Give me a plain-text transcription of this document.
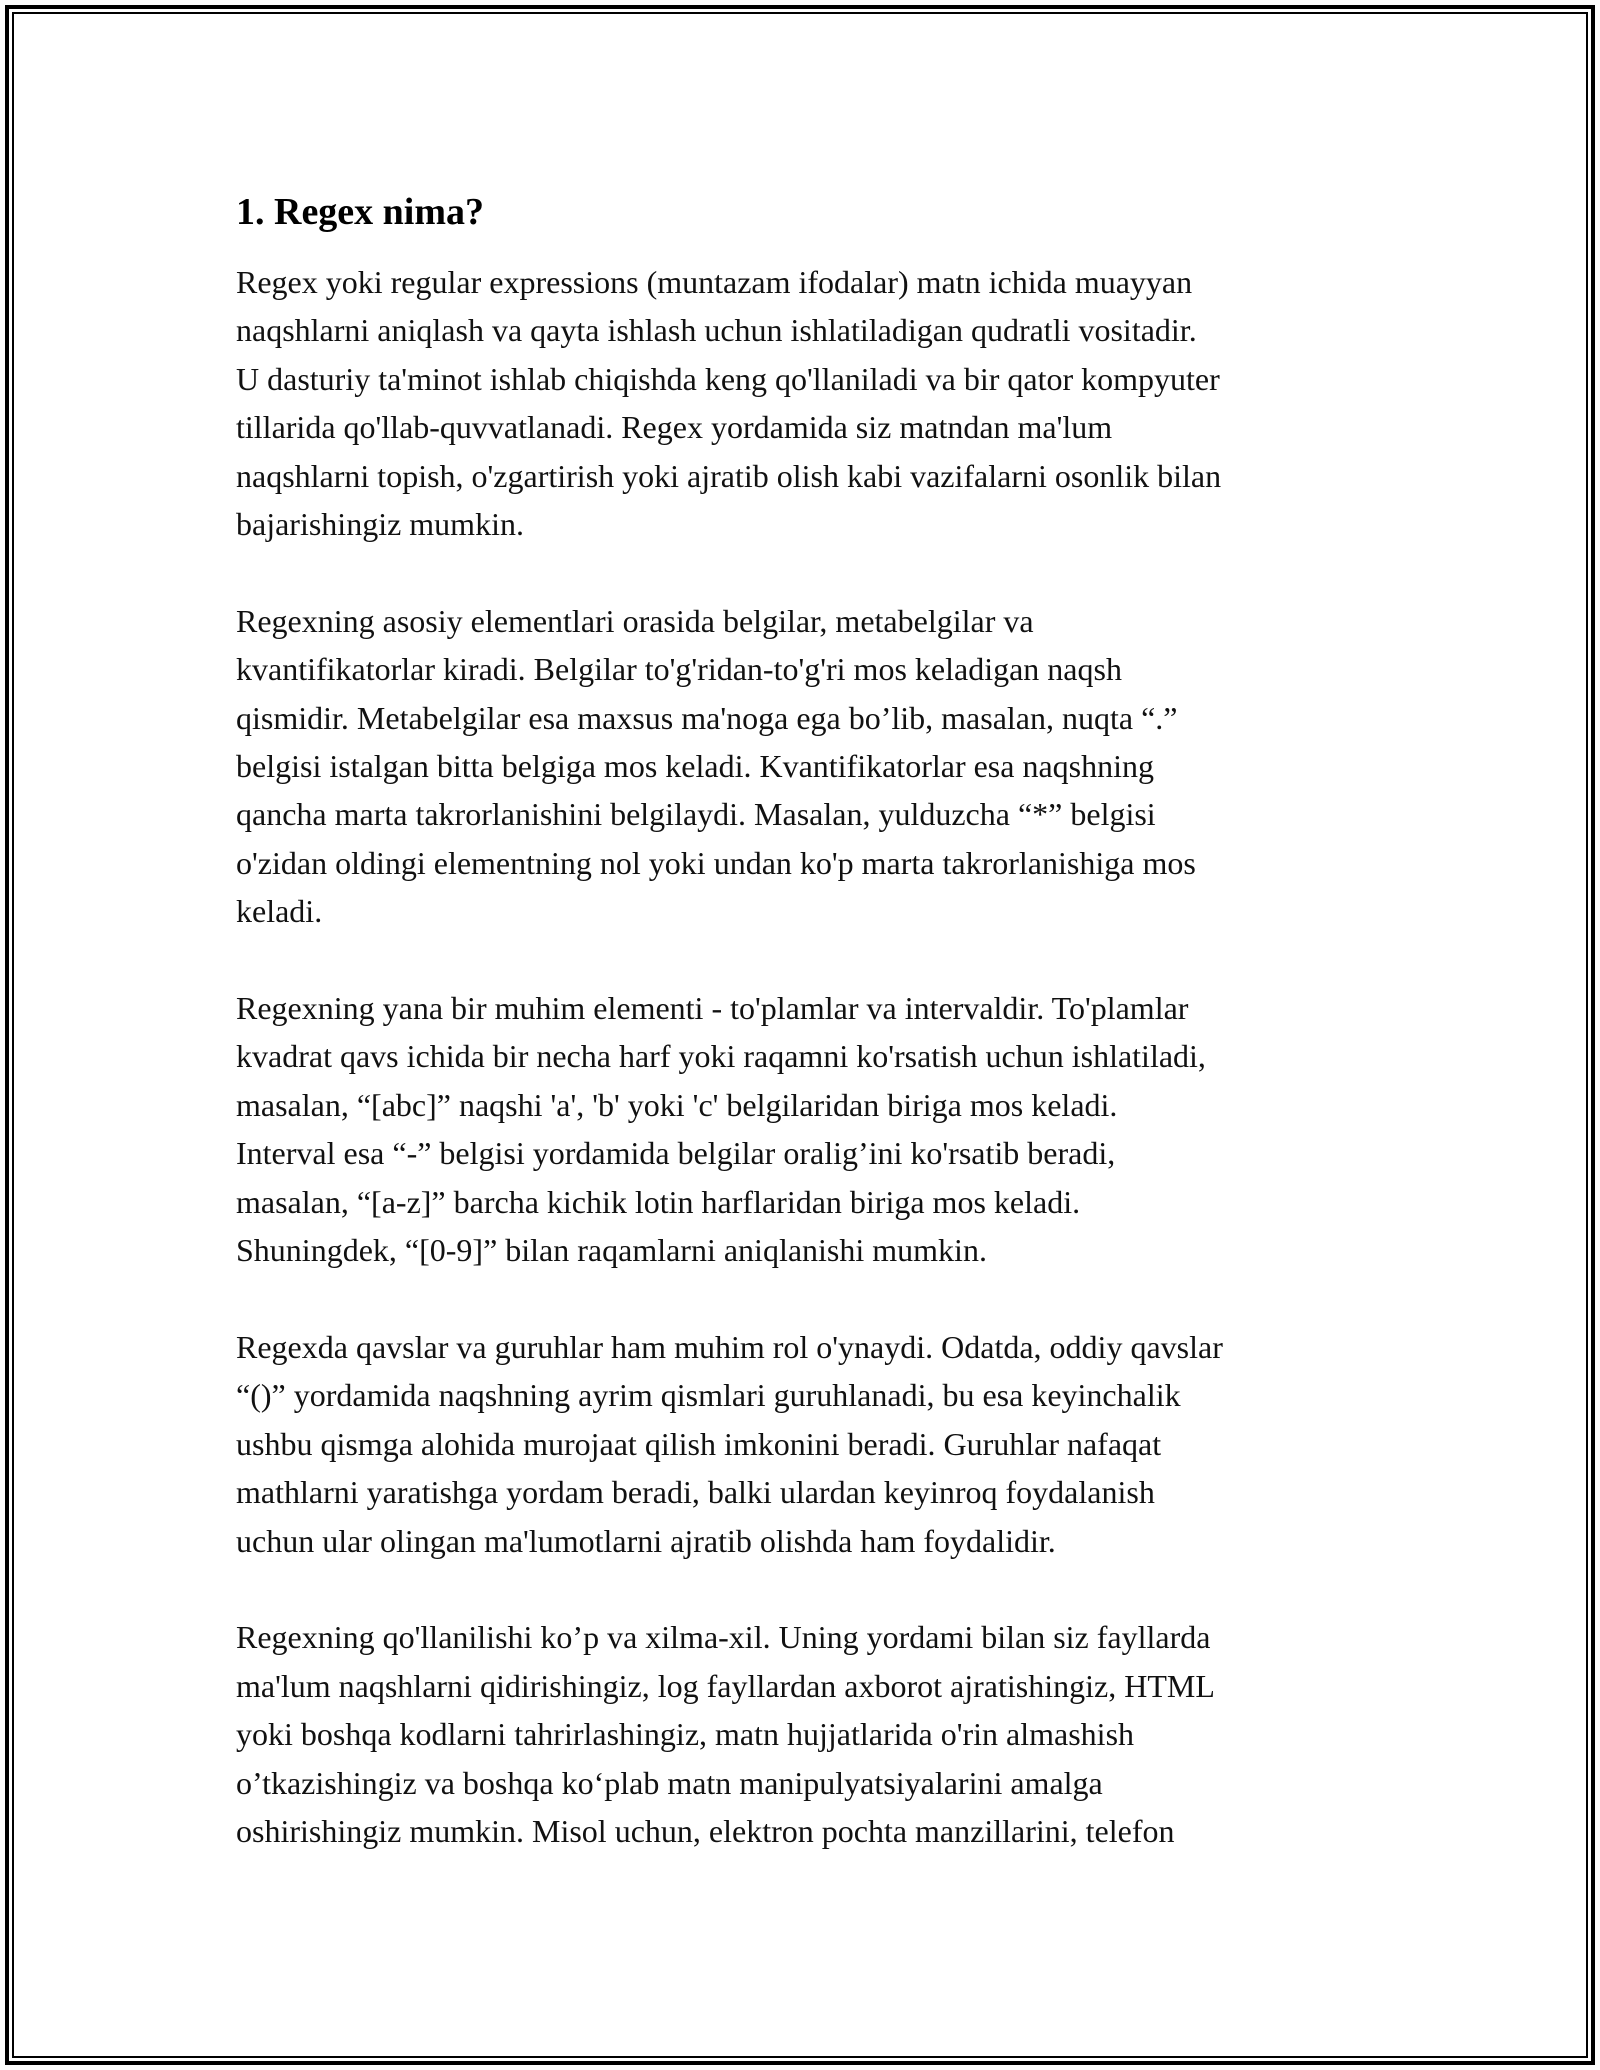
1. Regex nima?
Regex yoki regular expressions (muntazam ifodalar) matn ichida muayyan
naqshlarni aniqlash va qayta ishlash uchun ishlatiladigan qudratli vositadir.
U dasturiy ta'minot ishlab chiqishda keng qo'llaniladi va bir qator kompyuter
tillarida qo'llab-quvvatlanadi. Regex yordamida siz matndan ma'lum
naqshlarni topish, o'zgartirish yoki ajratib olish kabi vazifalarni osonlik bilan
bajarishingiz mumkin.
Regexning asosiy elementlari orasida belgilar, metabelgilar va
kvantifikatorlar kiradi. Belgilar to'g'ridan-to'g'ri mos keladigan naqsh
qismidir. Metabelgilar esa maxsus ma'noga ega bo’lib, masalan, nuqta “.”
belgisi istalgan bitta belgiga mos keladi. Kvantifikatorlar esa naqshning
qancha marta takrorlanishini belgilaydi. Masalan, yulduzcha “*” belgisi
o'zidan oldingi elementning nol yoki undan ko'p marta takrorlanishiga mos
keladi.
Regexning yana bir muhim elementi - to'plamlar va intervaldir. To'plamlar
kvadrat qavs ichida bir necha harf yoki raqamni ko'rsatish uchun ishlatiladi,
masalan, “[abc]” naqshi 'a', 'b' yoki 'c' belgilaridan biriga mos keladi.
Interval esa “-” belgisi yordamida belgilar oralig’ini ko'rsatib beradi,
masalan, “[a-z]” barcha kichik lotin harflaridan biriga mos keladi.
Shuningdek, “[0-9]” bilan raqamlarni aniqlanishi mumkin.
Regexda qavslar va guruhlar ham muhim rol o'ynaydi. Odatda, oddiy qavslar
“()” yordamida naqshning ayrim qismlari guruhlanadi, bu esa keyinchalik
ushbu qismga alohida murojaat qilish imkonini beradi. Guruhlar nafaqat
mathlarni yaratishga yordam beradi, balki ulardan keyinroq foydalanish
uchun ular olingan ma'lumotlarni ajratib olishda ham foydalidir.
Regexning qo'llanilishi ko’p va xilma-xil. Uning yordami bilan siz fayllarda
ma'lum naqshlarni qidirishingiz, log fayllardan axborot ajratishingiz, HTML
yoki boshqa kodlarni tahrirlashingiz, matn hujjatlarida o'rin almashish
o’tkazishingiz va boshqa ko‘plab matn manipulyatsiyalarini amalga
oshirishingiz mumkin. Misol uchun, elektron pochta manzillarini, telefon
